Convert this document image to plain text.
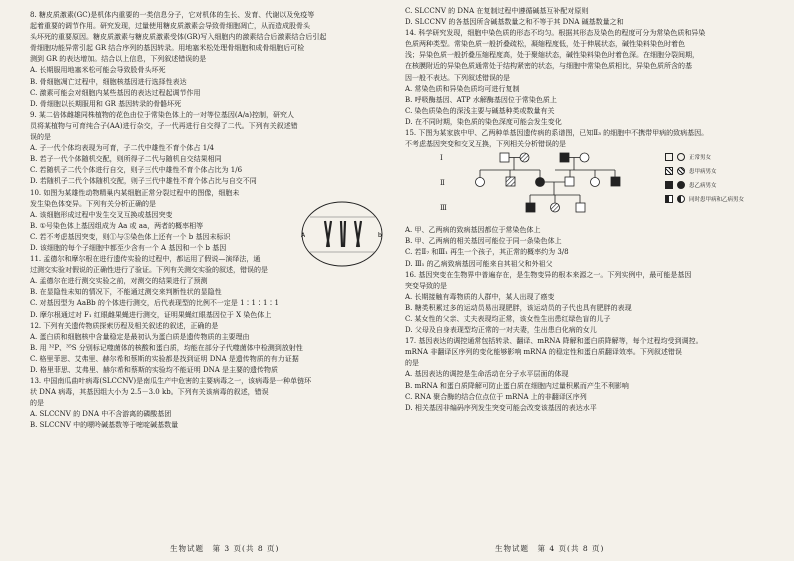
8. 糖皮质激素(GC)是机体内重要的一类信息分子，它对机体的生长、发育、代谢以及免疫等
起着重要的调节作用。研究发现，过量使用糖皮质激素会导致骨细胞凋亡，从而造成股骨头
头坏死的重要原因。糖皮质激素与糖皮质激素受体(GR)写入细胞内的激素结合后激素结合后引起
骨细胞功能异常引起 GR 结合序列的基因转录。用地塞米松处理骨细胞和成骨细胞后可检
测到 GR 的表达增加。结合以上信息，下列叙述错误的是
A. 长期服用地塞米松可能会导致股骨头坏死
B. 骨细胞凋亡过程中，细胞核基因进行选择性表达
C. 激素可能会对细胞内某些基因的表达过程起调节作用
D. 骨细胞以长期服用和 GR 基因转录的骨骼坏死
9. 某二倍体雌雄同株植物的花色由位于常染色体上的一对等位基因(A/a)控制，研究人
员将某植物与可育纯合子(AA)进行杂交，子一代再进行自交得了二代。下列有关叙述错
误的是
A. 子一代个体均表现为可育，子二代中雄性不育个体占 1/4
B. 若子一代个体随机交配，则所得子二代与随机自交结果相同
C. 若随机子二代个体进行自交，则子三代中雄性不育个体占比为 1/6
D. 若随机子二代个体随机交配，则子三代中雄性不育个体占比与自交不同
10. 如图为某雄性动物精巢内某细胞正常分裂过程中的图像，细胞未
发生染色体变异。下列有关分析正确的是
A. 该细胞形成过程中发生交叉互换或基因突变
B. ①号染色体上基因组成为 Aa 或 aa，两者的概率相等
C. 若不考虑基因突变，则①与⑤染色体上还有一个 b 基因未标识
D. 该细胞的每个子细胞中都至少含有一个 A 基因和一个 b 基因
11. 孟德尔和摩尔根在进行遗传实验的过程中，都运用了假说—演绎法，通
过测交实验对假说的正确性进行了验证。下列有关测交实验的叙述，错误的是
A. 孟德尔在进行测交实验之前，对测交的结果进行了预测
B. 在显隐性未知的情况下，不能通过测交来判断性状的显隐性
C. 对基因型为 AaBb 的个体进行测交，后代表现型的比例不一定是 1∶1∶1∶1
D. 摩尔根通过对 F₁ 红眼雌果蝇进行测交，证明果蝇红眼基因位于 X 染色体上
12. 下列有关遗传物质探索历程及相关叙述的叙述，正确的是
A. 蛋白质和细胞核中含量稳定是最初认为蛋白质是遗传物质的主要理由
B. 用 ³²P、³⁵S 分别标记噬菌体的核酸和蛋白质，均能在部分子代噬菌体中检测到放射性
C. 格里菲思、艾弗里、赫尔希和蔡斯的实验都是找到证明 DNA 是遗传物质的有力证据
D. 格里菲思、艾弗里、赫尔希和蔡斯的实验均不能证明 DNA 是主要的遗传物质
13. 中国南瓜曲叶病毒(SLCCNV)是南瓜生产中危害的主要病毒之一，该病毒是一种单链环
状 DNA 病毒，其基因组大小为 2.5－3.0 kb。下列有关该病毒的叙述，错误
的是
A. SLCCNV 的 DNA 中不含游离的磷酸基团
B. SLCCNV 中的嘌呤碱基数等于嘧啶碱基数量
A	b
生物试题　第 3 页(共 8 页)
C. SLCCNV 的 DNA 在复制过程中遵循碱基互补配对原则
D. SLCCNV 的各基因所含碱基数量之和不等于其 DNA 碱基数量之和
14. 科学研究发现，细胞中染色质的形态不均匀。根据其形态及染色的程度可分为常染色质和异染
色质两种类型。常染色质一般折叠疏松，凝缩程度低，处于伸展状态，碱性染料染色时着色
浅；异染色质一般折叠压缩程度高，处于聚缩状态，碱性染料染色时着色深。在细胞分裂间期，
在核膜附近的异染色质通常处于结构紧密的状态，与细胞中常染色质相比，异染色质所含的基
因一般不表达。下列叙述错误的是
A. 常染色质和异染色质均可进行复制
B. 呼吸酶基因、ATP 水解酶基因位于常染色质上
C. 染色质染色的深浅主要与碱基种类或数量有关
D. 在不同时期，染色质的染色深度可能会发生变化
15. 下图为某家族中甲、乙两种单基因遗传病的系谱图，已知Ⅱ₃ 的细胞中不携带甲病的致病基因。
不考虑基因突变和交叉互换，下列相关分析错误的是
Ⅰ
Ⅱ
Ⅲ
正常男女
患甲病男女
患乙病男女
同时患甲病和乙病男女
A. 甲、乙两病的致病基因都位于常染色体上
B. 甲、乙两病的相关基因可能位于同一条染色体上
C. 若Ⅱ₇ 和Ⅲ₁ 再生一个孩子，其正常的概率约为 3/8
D. Ⅲ₁ 的乙病致病基因可能来自其祖父和外祖父
16. 基因突变在生物界中普遍存在，是生物变异的根本来源之一。下列实例中，最可能是基因
突变导致的是
A. 长期接触有毒物质的人群中，某人出现了癌变
B. 糖类积累过多的运动员易出现肥胖，该运动员的子代也具有肥胖的表现
C. 某女性的父亲、丈夫表现均正常，该女性生出患红绿色盲的儿子
D. 父母及自身表现型均正常的一对夫妻，生出患白化病的女儿
17. 基因表达的调控通常包括转录、翻译、mRNA 降解和蛋白质降解等，每个过程均受到调控。
mRNA 非翻译区序列的变化能够影响 mRNA 的稳定性和蛋白质翻译效率。下列叙述错误
的是
A. 基因表达的调控是生命活动在分子水平层面的体现
B. mRNA 和蛋白质降解可防止蛋白质在细胞内过量积累而产生不利影响
C. RNA 聚合酶的结合位点位于 mRNA 上的非翻译区序列
D. 相关基因非编码序列发生突变可能会改变该基因的表达水平
生物试题　第 4 页(共 8 页)
